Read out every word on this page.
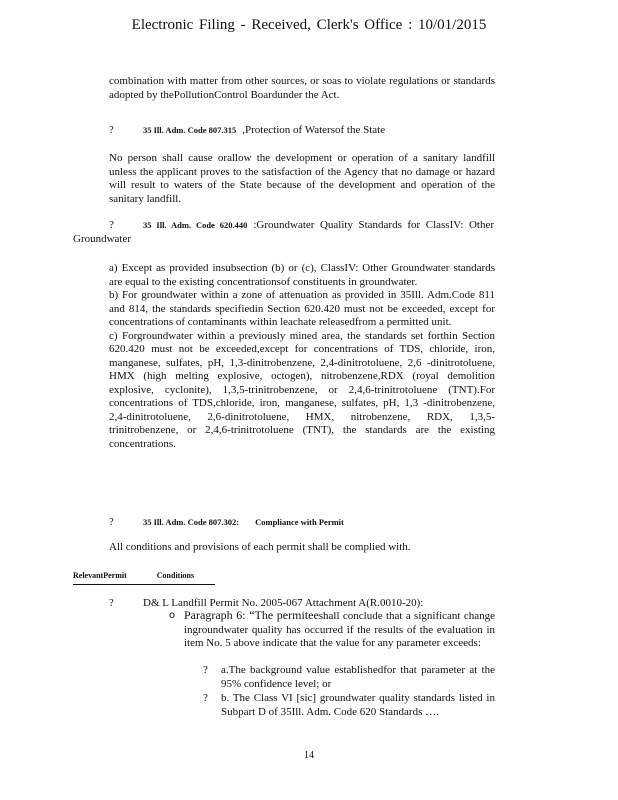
Electronic Filing - Received, Clerk's Office : 10/01/2015

combination with matter from other sources, or soas to violate regulations or standards adopted by thePollutionControl Boardunder the Act.

?	35 Ill. Adm. Code 807.315 ,Protection of Watersof the State

No person shall cause orallow the development or operation of a sanitary landfill unless the applicant proves to the satisfaction of the Agency that no damage or hazard will result to waters of the State because of the development and operation of the sanitary landfill.

?	35 Ill. Adm. Code 620.440 :Groundwater Quality Standards for ClassIV: Other Groundwater

a) Except as provided insubsection (b) or (c), ClassIV: Other Groundwater standards are equal to the existing concentrationsof constituents in groundwater.

b) For groundwater within a zone of attenuation as provided in 35Ill. Adm.Code 811 and 814, the standards specifiedin Section 620.420 must not be exceeded, except for concentrations of contaminants within leachate releasedfrom a permitted unit.

c) Forgroundwater within a previously mined area, the standards set forthin Section 620.420 must not be exceeded,except for concentrations of TDS, chloride, iron, manganese, sulfates, pH, 1,3-dinitrobenzene, 2,4-dinitrotoluene, 2,6 -dinitrotoluene, HMX (high melting explosive, octogen), nitrobenzene,RDX (royal demolition explosive, cyclonite), 1,3,5-trinitrobenzene, or 2,4,6-trinitrotoluene (TNT).For concentrations of TDS,chloride, iron, manganese, sulfates, pH, 1,3 -dinitrobenzene, 2,4-dinitrotoluene, 2,6-dinitrotoluene, HMX, nitrobenzene, RDX, 1,3,5-trinitrobenzene, or 2,4,6-trinitrotoluene (TNT), the standards are the existing concentrations.

?	35 Ill. Adm. Code 807.302: Compliance with Permit

All conditions and provisions of each permit shall be complied with.

RelevantPermit	Conditions
?	D& L Landfill Permit No. 2005-067 Attachment A(R.0010-20):
o Paragraph 6: “The permiteeshall conclude that a significant change ingroundwater quality has occurred if the results of the evaluation in item No. 5 above indicate that the value for any parameter exceeds:

? a.The background value establishedfor that parameter at the 95% confidence level; or

? b. The Class VI [sic] groundwater quality standards listed in Subpart D of 35Ill. Adm. Code 620 Standards ….

14
